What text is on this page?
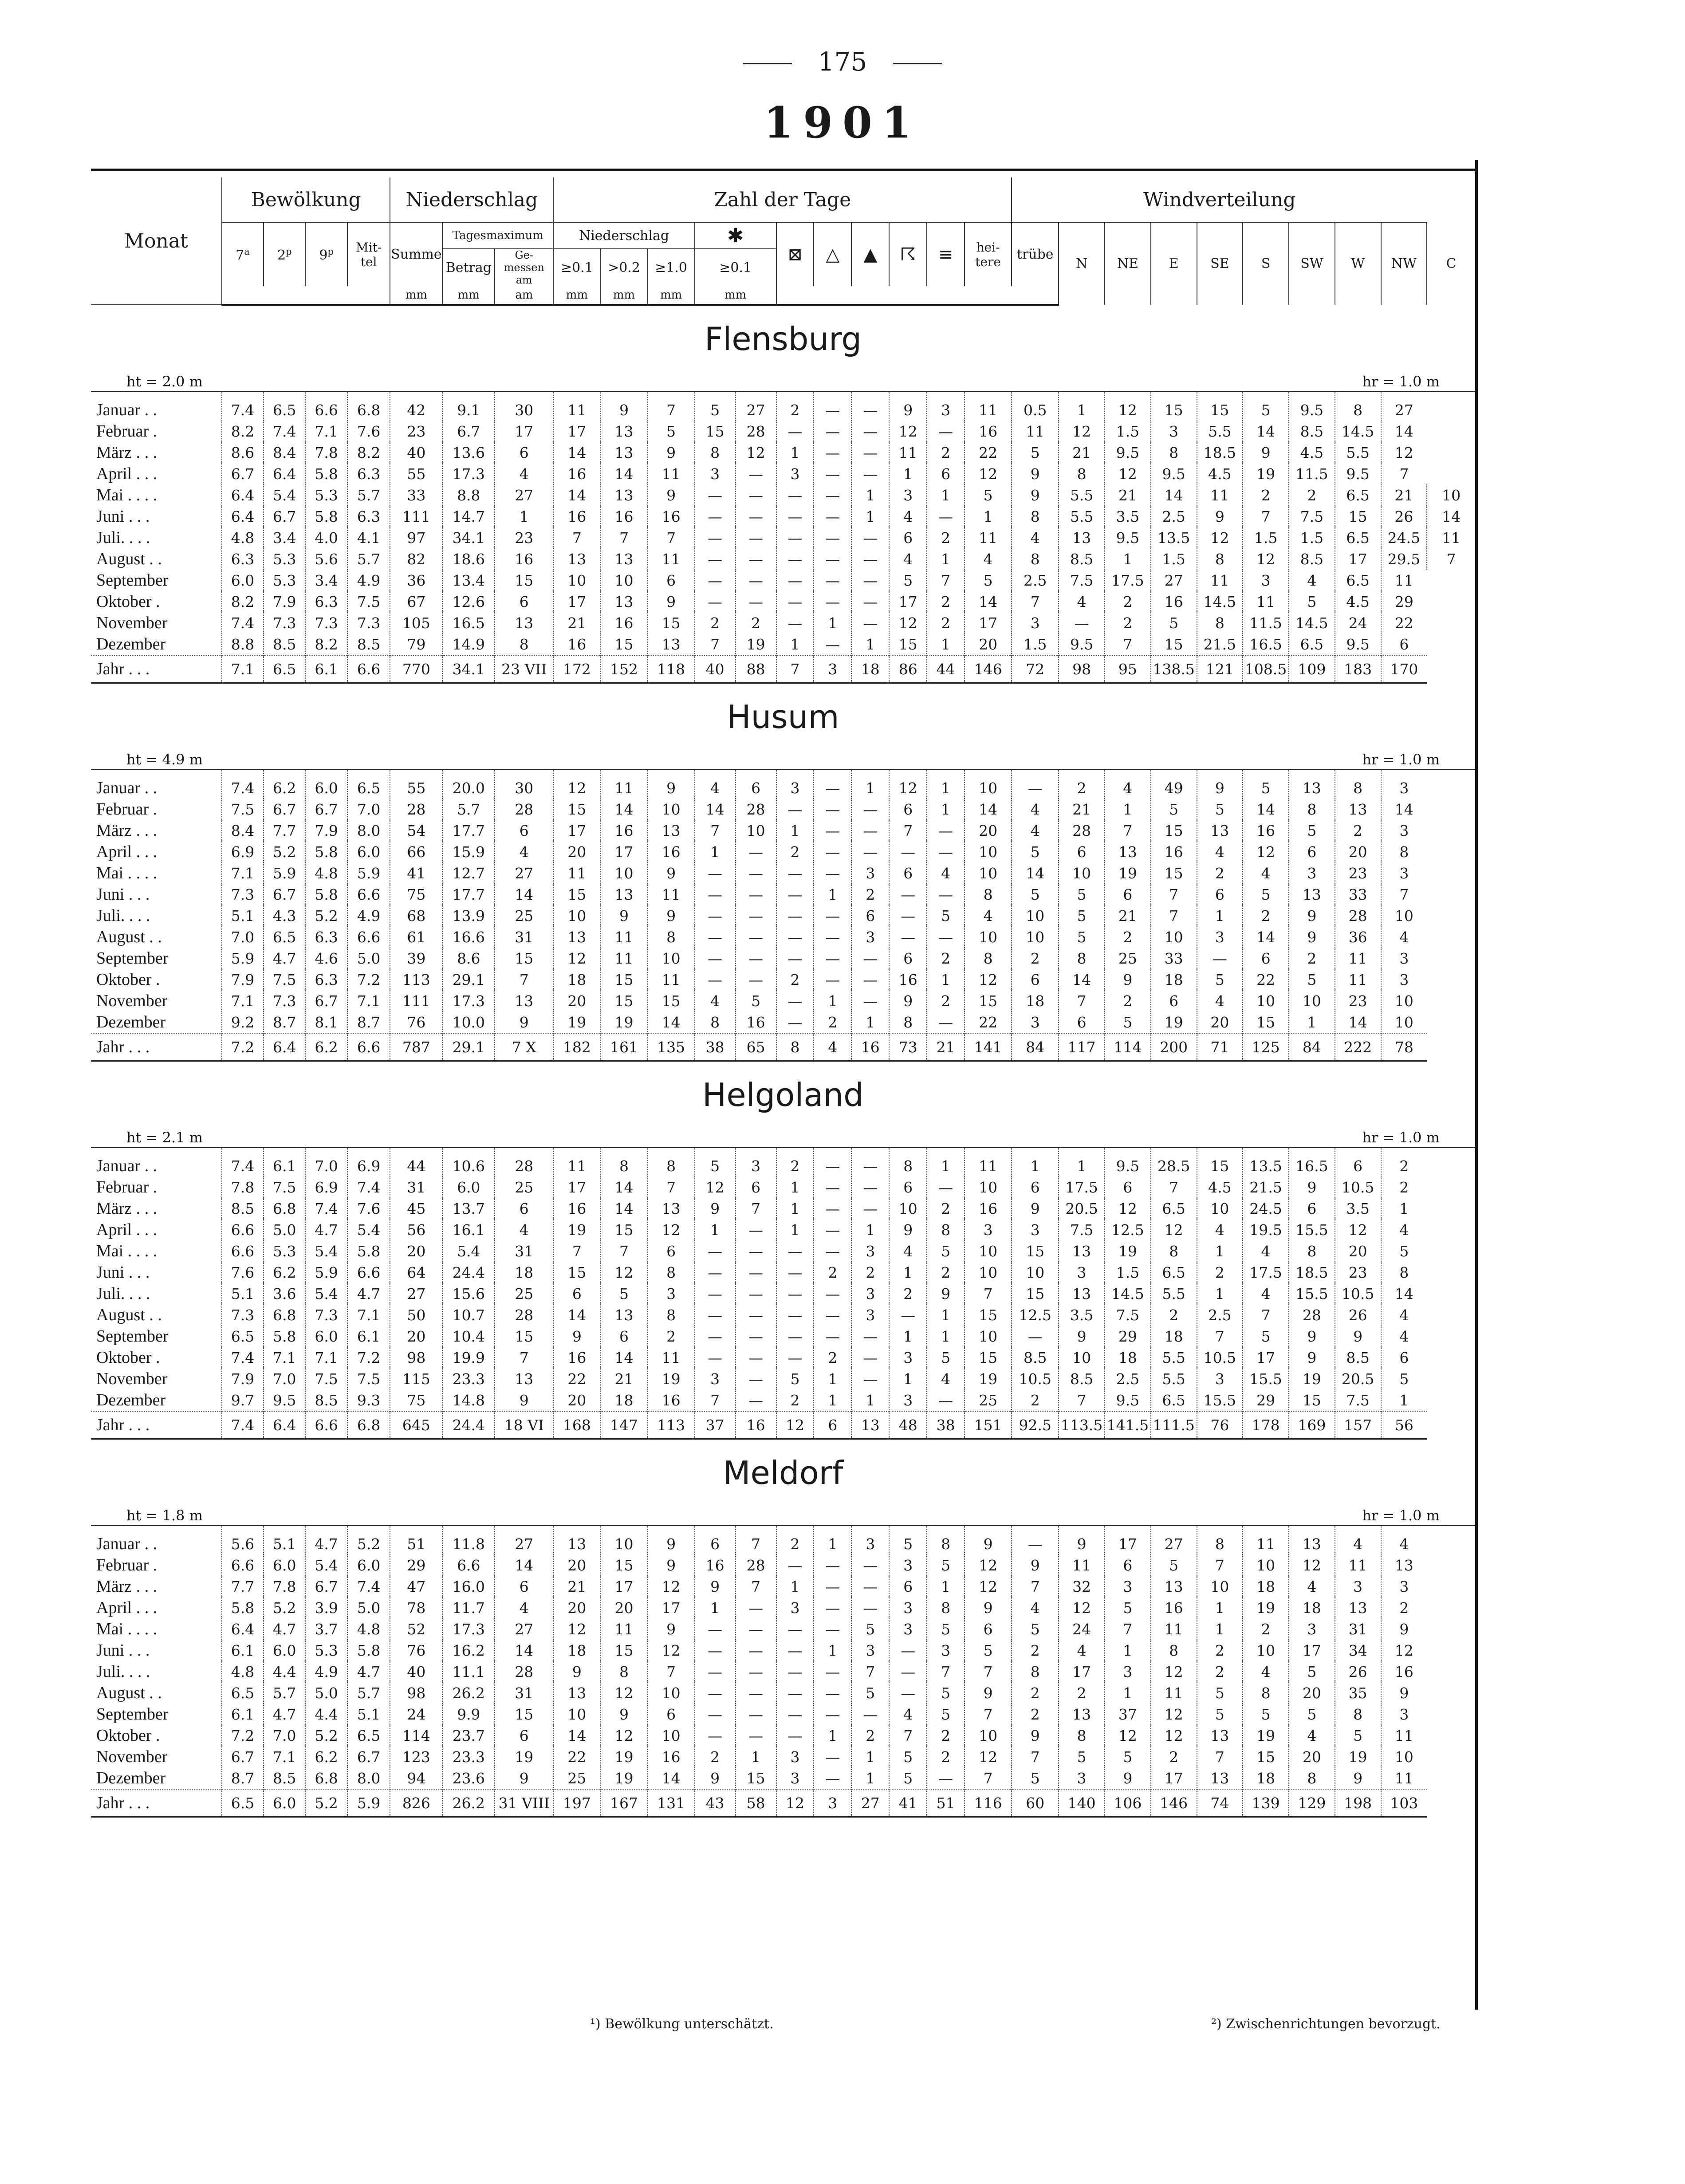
175
1901

Monat	Bewölkung				Niederschlag			Zahl der Tage											Windverteilung									
	7$^a$	2$^p$	9$^p$	Mit-tel	Summe	Tagesmaximum		Niederschlag			✱		⊠	△	▲	☈	≡	hei-tere	trübe	N	NE	E	SE	S	SW	W	NW	C
						Betrag	Ge-messen am	≥0.1	>0.2	≥1.0	≥0.1																	
					mm	mm	am	mm	mm	mm	mm																	
Flensburg																												
ht = 2.0 m															hr = 1.0 m													
Januar . .	7.4	6.5	6.6	6.8	42	9.1	30	11	9	7	5	27	2	—	—	9	3	11	0.5	1	12	15	15	5	9.5	8	27	
Februar .	8.2	7.4	7.1	7.6	23	6.7	17	17	13	5	15	28	—	—	—	12	—	16	11	12	1.5	3	5.5	14	8.5	14.5	14	
März . . .	8.6	8.4	7.8	8.2	40	13.6	6	14	13	9	8	12	1	—	—	11	2	22	5	21	9.5	8	18.5	9	4.5	5.5	12	
April . . .	6.7	6.4	5.8	6.3	55	17.3	4	16	14	11	3	—	3	—	—	1	6	12	9	8	12	9.5	4.5	19	11.5	9.5	7	
Mai . . . .	6.4	5.4	5.3	5.7	33	8.8	27	14	13	9	—	—	—	—	1	3	1	5	9	5.5	21	14	11	2	2	6.5	21	10
Juni . . .	6.4	6.7	5.8	6.3	111	14.7	1	16	16	16	—	—	—	—	1	4	—	1	8	5.5	3.5	2.5	9	7	7.5	15	26	14
Juli. . . .	4.8	3.4	4.0	4.1	97	34.1	23	7	7	7	—	—	—	—	—	6	2	11	4	13	9.5	13.5	12	1.5	1.5	6.5	24.5	11
August . .	6.3	5.3	5.6	5.7	82	18.6	16	13	13	11	—	—	—	—	—	4	1	4	8	8.5	1	1.5	8	12	8.5	17	29.5	7
September	6.0	5.3	3.4	4.9	36	13.4	15	10	10	6	—	—	—	—	—	5	7	5	2.5	7.5	17.5	27	11	3	4	6.5	11	
Oktober .	8.2	7.9	6.3	7.5	67	12.6	6	17	13	9	—	—	—	—	—	17	2	14	7	4	2	16	14.5	11	5	4.5	29	
November	7.4	7.3	7.3	7.3	105	16.5	13	21	16	15	2	2	—	1	—	12	2	17	3	—	2	5	8	11.5	14.5	24	22	
Dezember	8.8	8.5	8.2	8.5	79	14.9	8	16	15	13	7	19	1	—	1	15	1	20	1.5	9.5	7	15	21.5	16.5	6.5	9.5	6	
Jahr . . .	7.1	6.5	6.1	6.6	770	34.1	23 VII	172	152	118	40	88	7	3	18	86	44	146	72	98	95	138.5	121	108.5	109	183	170	
Husum																												
ht = 4.9 m															hr = 1.0 m													
Januar . .	7.4	6.2	6.0	6.5	55	20.0	30	12	11	9	4	6	3	—	1	12	1	10	—	2	4	49	9	5	13	8	3	
Februar .	7.5	6.7	6.7	7.0	28	5.7	28	15	14	10	14	28	—	—	—	6	1	14	4	21	1	5	5	14	8	13	14	
März . . .	8.4	7.7	7.9	8.0	54	17.7	6	17	16	13	7	10	1	—	—	7	—	20	4	28	7	15	13	16	5	2	3	
April . . .	6.9	5.2	5.8	6.0	66	15.9	4	20	17	16	1	—	2	—	—	—	—	10	5	6	13	16	4	12	6	20	8	
Mai . . . .	7.1	5.9	4.8	5.9	41	12.7	27	11	10	9	—	—	—	—	3	6	4	10	14	10	19	15	2	4	3	23	3	
Juni . . .	7.3	6.7	5.8	6.6	75	17.7	14	15	13	11	—	—	—	1	2	—	—	8	5	5	6	7	6	5	13	33	7	
Juli. . . .	5.1	4.3	5.2	4.9	68	13.9	25	10	9	9	—	—	—	—	6	—	5	4	10	5	21	7	1	2	9	28	10	
August . .	7.0	6.5	6.3	6.6	61	16.6	31	13	11	8	—	—	—	—	3	—	—	10	10	5	2	10	3	14	9	36	4	
September	5.9	4.7	4.6	5.0	39	8.6	15	12	11	10	—	—	—	—	—	6	2	8	2	8	25	33	—	6	2	11	3	
Oktober .	7.9	7.5	6.3	7.2	113	29.1	7	18	15	11	—	—	2	—	—	16	1	12	6	14	9	18	5	22	5	11	3	
November	7.1	7.3	6.7	7.1	111	17.3	13	20	15	15	4	5	—	1	—	9	2	15	18	7	2	6	4	10	10	23	10	
Dezember	9.2	8.7	8.1	8.7	76	10.0	9	19	19	14	8	16	—	2	1	8	—	22	3	6	5	19	20	15	1	14	10	
Jahr . . .	7.2	6.4	6.2	6.6	787	29.1	7 X	182	161	135	38	65	8	4	16	73	21	141	84	117	114	200	71	125	84	222	78	
Helgoland																												
ht = 2.1 m															hr = 1.0 m													
Januar . .	7.4	6.1	7.0	6.9	44	10.6	28	11	8	8	5	3	2	—	—	8	1	11	1	1	9.5	28.5	15	13.5	16.5	6	2	
Februar .	7.8	7.5	6.9	7.4	31	6.0	25	17	14	7	12	6	1	—	—	6	—	10	6	17.5	6	7	4.5	21.5	9	10.5	2	
März . . .	8.5	6.8	7.4	7.6	45	13.7	6	16	14	13	9	7	1	—	—	10	2	16	9	20.5	12	6.5	10	24.5	6	3.5	1	
April . . .	6.6	5.0	4.7	5.4	56	16.1	4	19	15	12	1	—	1	—	1	9	8	3	3	7.5	12.5	12	4	19.5	15.5	12	4	
Mai . . . .	6.6	5.3	5.4	5.8	20	5.4	31	7	7	6	—	—	—	—	3	4	5	10	15	13	19	8	1	4	8	20	5	
Juni . . .	7.6	6.2	5.9	6.6	64	24.4	18	15	12	8	—	—	—	2	2	1	2	10	10	3	1.5	6.5	2	17.5	18.5	23	8	
Juli. . . .	5.1	3.6	5.4	4.7	27	15.6	25	6	5	3	—	—	—	—	3	2	9	7	15	13	14.5	5.5	1	4	15.5	10.5	14	
August . .	7.3	6.8	7.3	7.1	50	10.7	28	14	13	8	—	—	—	—	3	—	1	15	12.5	3.5	7.5	2	2.5	7	28	26	4	
September	6.5	5.8	6.0	6.1	20	10.4	15	9	6	2	—	—	—	—	—	1	1	10	—	9	29	18	7	5	9	9	4	
Oktober .	7.4	7.1	7.1	7.2	98	19.9	7	16	14	11	—	—	—	2	—	3	5	15	8.5	10	18	5.5	10.5	17	9	8.5	6	
November	7.9	7.0	7.5	7.5	115	23.3	13	22	21	19	3	—	5	1	—	1	4	19	10.5	8.5	2.5	5.5	3	15.5	19	20.5	5	
Dezember	9.7	9.5	8.5	9.3	75	14.8	9	20	18	16	7	—	2	1	1	3	—	25	2	7	9.5	6.5	15.5	29	15	7.5	1	
Jahr . . .	7.4	6.4	6.6	6.8	645	24.4	18 VI	168	147	113	37	16	12	6	13	48	38	151	92.5	113.5	141.5	111.5	76	178	169	157	56	
Meldorf																												
ht = 1.8 m															hr = 1.0 m													
Januar . .	5.6	5.1	4.7	5.2	51	11.8	27	13	10	9	6	7	2	1	3	5	8	9	—	9	17	27	8	11	13	4	4	
Februar .	6.6	6.0	5.4	6.0	29	6.6	14	20	15	9	16	28	—	—	—	3	5	12	9	11	6	5	7	10	12	11	13	
März . . .	7.7	7.8	6.7	7.4	47	16.0	6	21	17	12	9	7	1	—	—	6	1	12	7	32	3	13	10	18	4	3	3	
April . . .	5.8	5.2	3.9	5.0	78	11.7	4	20	20	17	1	—	3	—	—	3	8	9	4	12	5	16	1	19	18	13	2	
Mai . . . .	6.4	4.7	3.7	4.8	52	17.3	27	12	11	9	—	—	—	—	5	3	5	6	5	24	7	11	1	2	3	31	9	
Juni . . .	6.1	6.0	5.3	5.8	76	16.2	14	18	15	12	—	—	—	1	3	—	3	5	2	4	1	8	2	10	17	34	12	
Juli. . . .	4.8	4.4	4.9	4.7	40	11.1	28	9	8	7	—	—	—	—	7	—	7	7	8	17	3	12	2	4	5	26	16	
August . .	6.5	5.7	5.0	5.7	98	26.2	31	13	12	10	—	—	—	—	5	—	5	9	2	2	1	11	5	8	20	35	9	
September	6.1	4.7	4.4	5.1	24	9.9	15	10	9	6	—	—	—	—	—	4	5	7	2	13	37	12	5	5	5	8	3	
Oktober .	7.2	7.0	5.2	6.5	114	23.7	6	14	12	10	—	—	—	1	2	7	2	10	9	8	12	12	13	19	4	5	11	
November	6.7	7.1	6.2	6.7	123	23.3	19	22	19	16	2	1	3	—	1	5	2	12	7	5	5	2	7	15	20	19	10	
Dezember	8.7	8.5	6.8	8.0	94	23.6	9	25	19	14	9	15	3	—	1	5	—	7	5	3	9	17	13	18	8	9	11	
Jahr . . .	6.5	6.0	5.2	5.9	826	26.2	31 VIII	197	167	131	43	58	12	3	27	41	51	116	60	140	106	146	74	139	129	198	103	
¹) Bewölkung unterschätzt.	²) Zwischenrichtungen bevorzugt.
